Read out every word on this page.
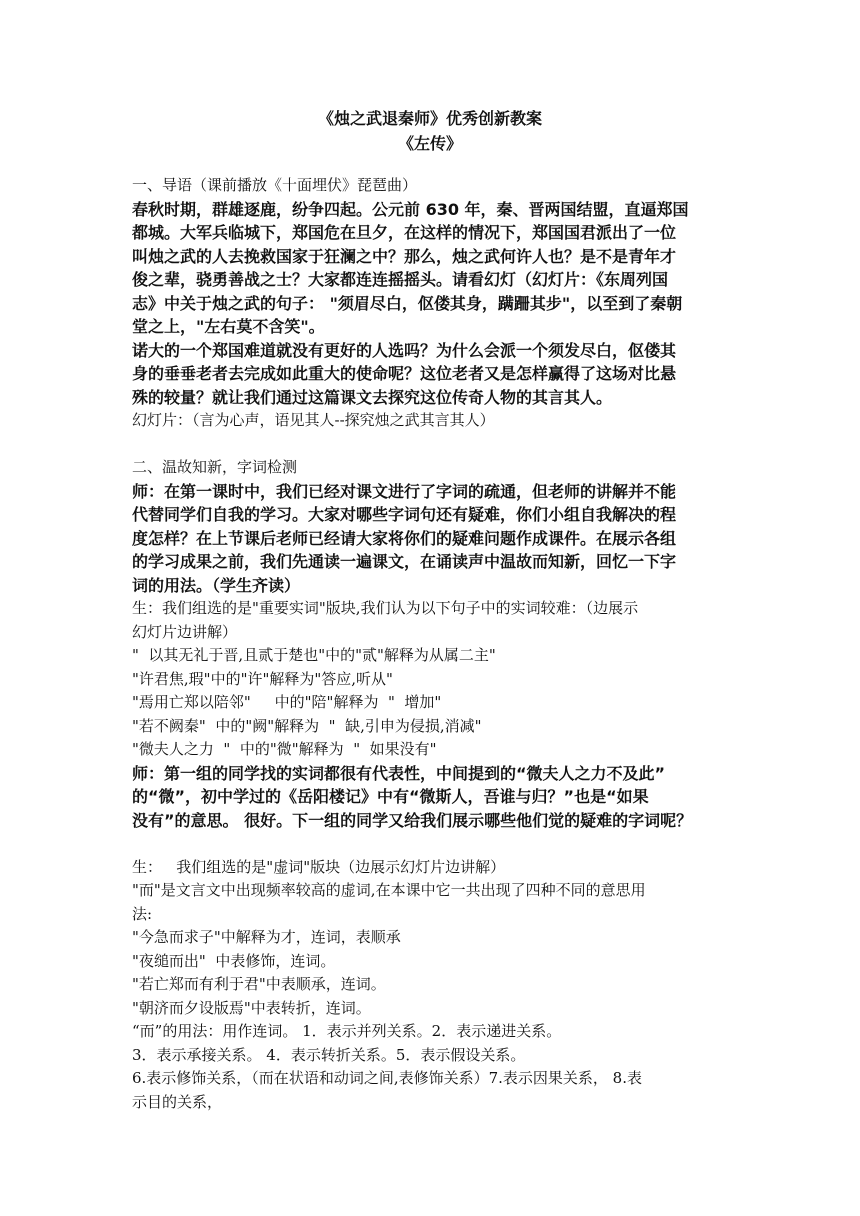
《烛之武退秦师》优秀创新教案
《左传》

一、导语（课前播放《十面埋伏》琵琶曲）

春秋时期，群雄逐鹿，纷争四起。公元前 630 年，秦、晋两国结盟，直逼郑国

都城。大军兵临城下，郑国危在旦夕，在这样的情况下，郑国国君派出了一位

叫烛之武的人去挽救国家于狂澜之中？那么，烛之武何许人也？是不是青年才

俊之辈，骁勇善战之士？大家都连连摇摇头。请看幻灯（幻灯片：《东周列国

志》中关于烛之武的句子： "须眉尽白，伛偻其身，蹒跚其步"，以至到了秦朝

堂之上，"左右莫不含笑"。

诺大的一个郑国难道就没有更好的人选吗？为什么会派一个须发尽白，伛偻其

身的垂垂老者去完成如此重大的使命呢？这位老者又是怎样赢得了这场对比悬

殊的较量？就让我们通过这篇课文去探究这位传奇人物的其言其人。

幻灯片：（言为心声，语见其人--探究烛之武其言其人）

二、温故知新，字词检测

师：在第一课时中，我们已经对课文进行了字词的疏通，但老师的讲解并不能

代替同学们自我的学习。大家对哪些字词句还有疑难，你们小组自我解决的程

度怎样？在上节课后老师已经请大家将你们的疑难问题作成课件。在展示各组

的学习成果之前，我们先通读一遍课文，在诵读声中温故而知新，回忆一下字

词的用法。（学生齐读）

生：我们组选的是"重要实词"版块,我们认为以下句子中的实词较难：（边展示

幻灯片边讲解）

"  以其无礼于晋,且贰于楚也"中的"贰"解释为从属二主"

"许君焦,瑕"中的"许"解释为"答应,听从"

"焉用亡郑以陪邻"     中的"陪"解释为  "  增加"

"若不阙秦"  中的"阙"解释为  "  缺,引申为侵损,消减"

"微夫人之力  "  中的"微"解释为  "  如果没有"

师：第一组的同学找的实词都很有代表性，中间提到的“微夫人之力不及此”

的“微”，初中学过的《岳阳楼记》中有“微斯人，吾谁与归？”也是“如果

没有”的意思。 很好。下一组的同学又给我们展示哪些他们觉的疑难的字词呢？

生：   我们组选的是"虚词"版块（边展示幻灯片边讲解）

"而"是文言文中出现频率较高的虚词,在本课中它一共出现了四种不同的意思用

法:

"今急而求子"中解释为才，连词，表顺承

"夜缒而出"  中表修饰，连词。

"若亡郑而有利于君"中表顺承，连词。

"朝济而夕设版焉"中表转折，连词。

“而”的用法：用作连词。 1．表示并列关系。2．表示递进关系。

3．表示承接关系。 4．表示转折关系。5．表示假设关系。

6.表示修饰关系，（而在状语和动词之间,表修饰关系）7.表示因果关系， 8.表

示目的关系，
